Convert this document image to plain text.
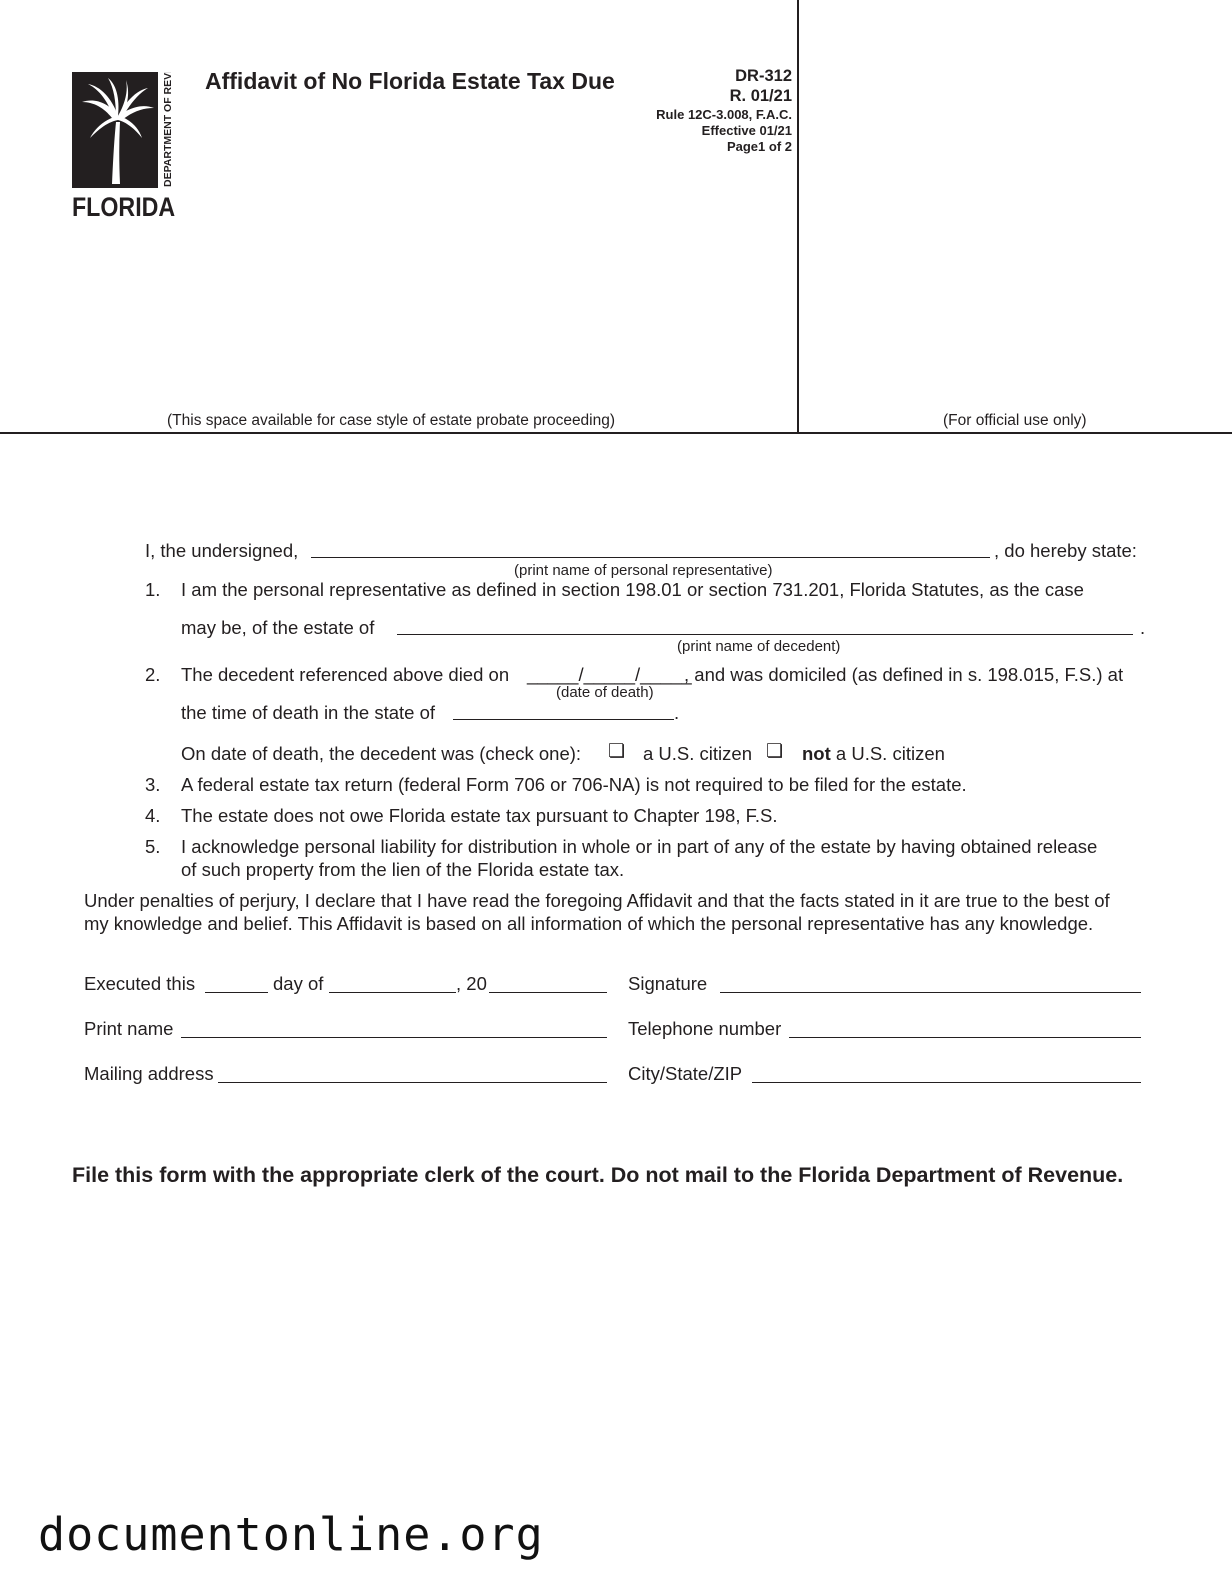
DEPARTMENT OF REVENUE
FLORIDA
Affidavit of No Florida Estate Tax Due	DR-312
R. 01/21
Rule 12C-3.008, F.A.C.
Effective 01/21
Page1 of 2
(This space available for case style of estate probate proceeding)	(For official use only)
I, the undersigned,	, do hereby state:
(print name of personal representative)
1. I am the personal representative as defined in section 198.01 or section 731.201, Florida Statutes, as the case
may be, of the estate of	.
(print name of decedent)
2. The decedent referenced above died on _____/_____/_____
, and was domiciled (as defined in s. 198.015, F.S.) at
(date of death)
the time of death in the state of	.
On date of death, the decedent was (check one): ❏ a U.S. citizen ❏ not a U.S. citizen
3. A federal estate tax return (federal Form 706 or 706-NA) is not required to be filed for the estate.
4. The estate does not owe Florida estate tax pursuant to Chapter 198, F.S.
5. I acknowledge personal liability for distribution in whole or in part of any of the estate by having obtained release
of such property from the lien of the Florida estate tax.
Under penalties of perjury, I declare that I have read the foregoing Affidavit and that the facts stated in it are true to the best of
my knowledge and belief. This Affidavit is based on all information of which the personal representative has any knowledge.
Executed this	day of	, 20	Signature
Print name	Telephone number
Mailing address	City/State/ZIP
File this form with the appropriate clerk of the court. Do not mail to the Florida Department of Revenue.
documentonline.org
